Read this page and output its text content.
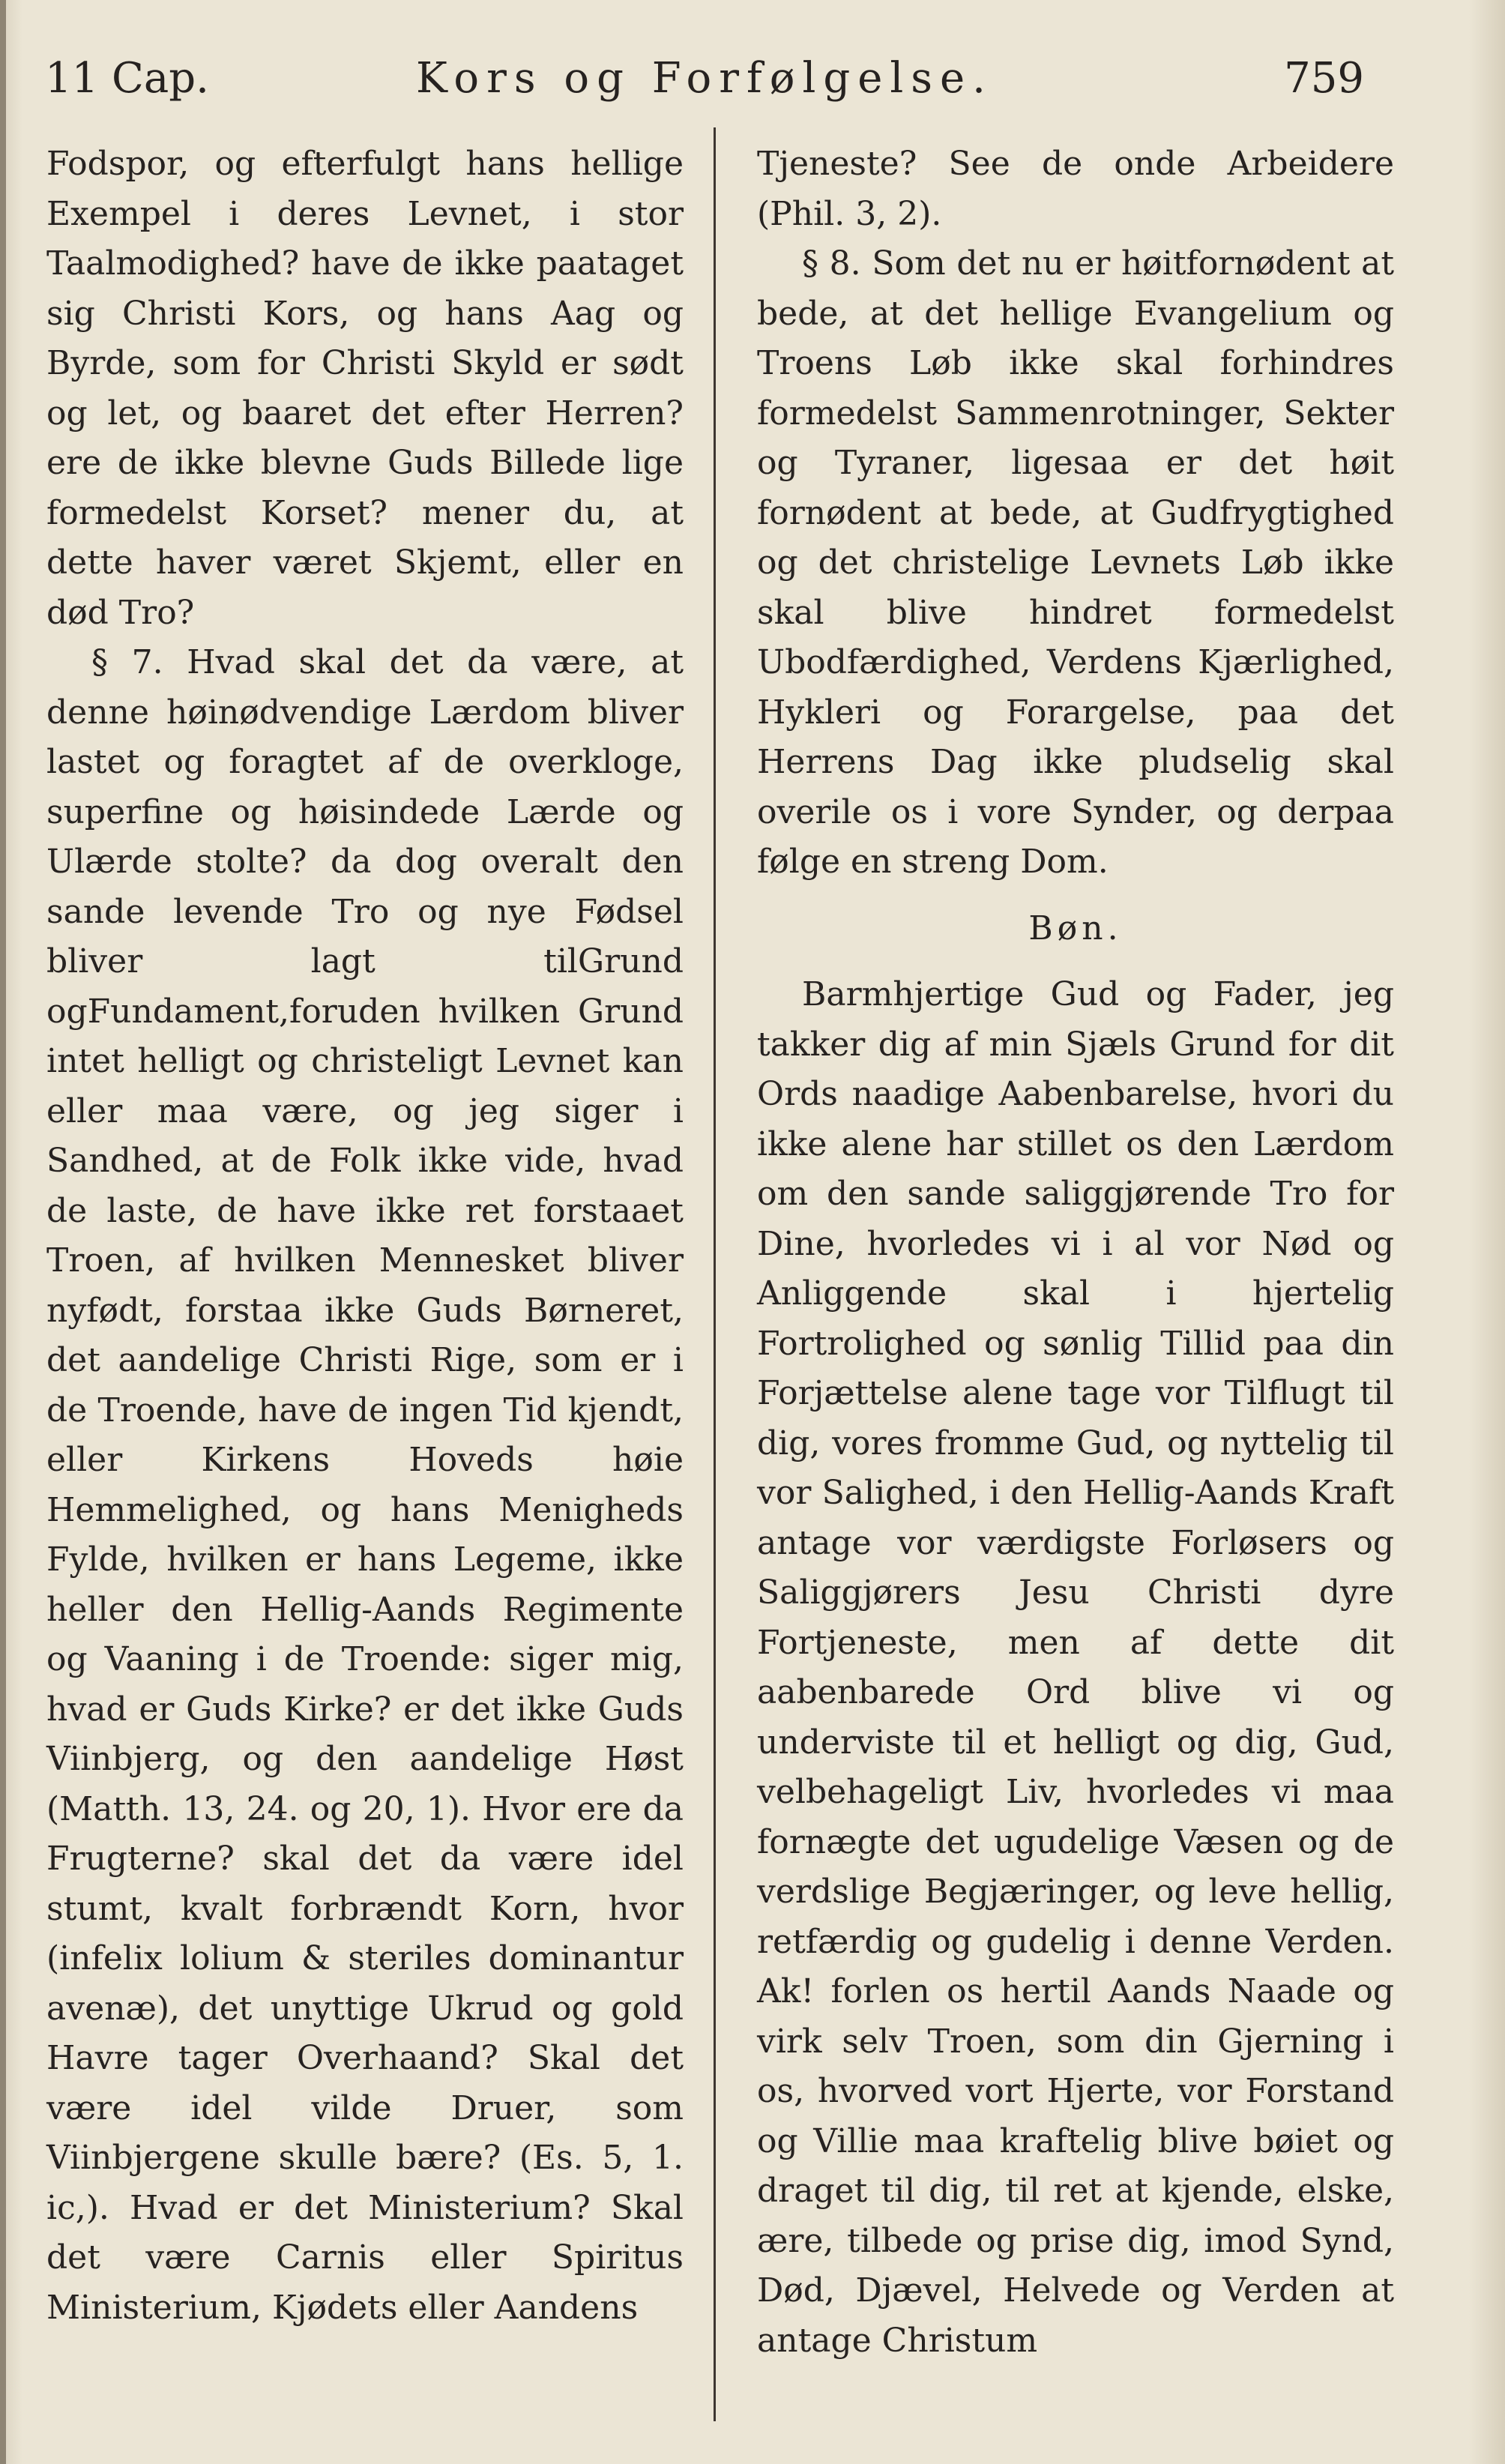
11 Cap.	Kors og Forfølgelse.	759

Fodspor, og efterfulgt hans hellige Exempel i deres Levnet, i stor Taalmodighed? have de ikke paataget sig Christi Kors, og hans Aag og Byrde, som for Christi Skyld er sødt og let, og baaret det efter Herren? ere de ikke blevne Guds Billede lige formedelst Korset? mener du, at dette haver været Skjemt, eller en død Tro?

§ 7. Hvad skal det da være, at denne høinødvendige Lærdom bliver lastet og foragtet af de overkloge, superfine og høisindede Lærde og Ulærde stolte? da dog overalt den sande levende Tro og nye Fødsel bliver lagt tilGrund ogFundament,foruden hvilken Grund intet helligt og christeligt Levnet kan eller maa være, og jeg siger i Sandhed, at de Folk ikke vide, hvad de laste, de have ikke ret forstaaet Troen, af hvilken Mennesket bliver nyfødt, forstaa ikke Guds Børneret, det aandelige Christi Rige, som er i de Troende, have de ingen Tid kjendt, eller Kirkens Hoveds høie Hemmelighed, og hans Menigheds Fylde, hvilken er hans Legeme, ikke heller den Hellig-Aands Regimente og Vaaning i de Troende: siger mig, hvad er Guds Kirke? er det ikke Guds Viinbjerg, og den aandelige Høst (Matth. 13, 24. og 20, 1). Hvor ere da Frugterne? skal det da være idel stumt, kvalt forbrændt Korn, hvor (infelix lolium & steriles dominantur avenæ), det unyttige Ukrud og gold Havre tager Overhaand? Skal det være idel vilde Druer, som Viinbjergene skulle bære? (Es. 5, 1. ic,). Hvad er det Ministerium? Skal det være Carnis eller Spiritus Ministerium, Kjødets eller Aandens

Tjeneste? See de onde Arbeidere (Phil. 3, 2).

§ 8. Som det nu er høitfornødent at bede, at det hellige Evangelium og Troens Løb ikke skal forhindres formedelst Sammenrotninger, Sekter og Tyraner, ligesaa er det høit fornødent at bede, at Gudfrygtighed og det christelige Levnets Løb ikke skal blive hindret formedelst Ubodfærdighed, Verdens Kjærlighed, Hykleri og Forargelse, paa det Herrens Dag ikke pludselig skal overile os i vore Synder, og derpaa følge en streng Dom.

Bøn.

Barmhjertige Gud og Fader, jeg takker dig af min Sjæls Grund for dit Ords naadige Aabenbarelse, hvori du ikke alene har stillet os den Lærdom om den sande saliggjørende Tro for Dine, hvorledes vi i al vor Nød og Anliggende skal i hjertelig Fortrolighed og sønlig Tillid paa din Forjættelse alene tage vor Tilflugt til dig, vores fromme Gud, og nyttelig til vor Salighed, i den Hellig-Aands Kraft antage vor værdigste Forløsers og Saliggjørers Jesu Christi dyre Fortjeneste, men af dette dit aabenbarede Ord blive vi og underviste til et helligt og dig, Gud, velbehageligt Liv, hvorledes vi maa fornægte det ugudelige Væsen og de verdslige Begjæringer, og leve hellig, retfærdig og gudelig i denne Verden. Ak! forlen os hertil Aands Naade og virk selv Troen, som din Gjerning i os, hvorved vort Hjerte, vor Forstand og Villie maa kraftelig blive bøiet og draget til dig, til ret at kjende, elske, ære, tilbede og prise dig, imod Synd, Død, Djævel, Helvede og Verden at antage Christum
